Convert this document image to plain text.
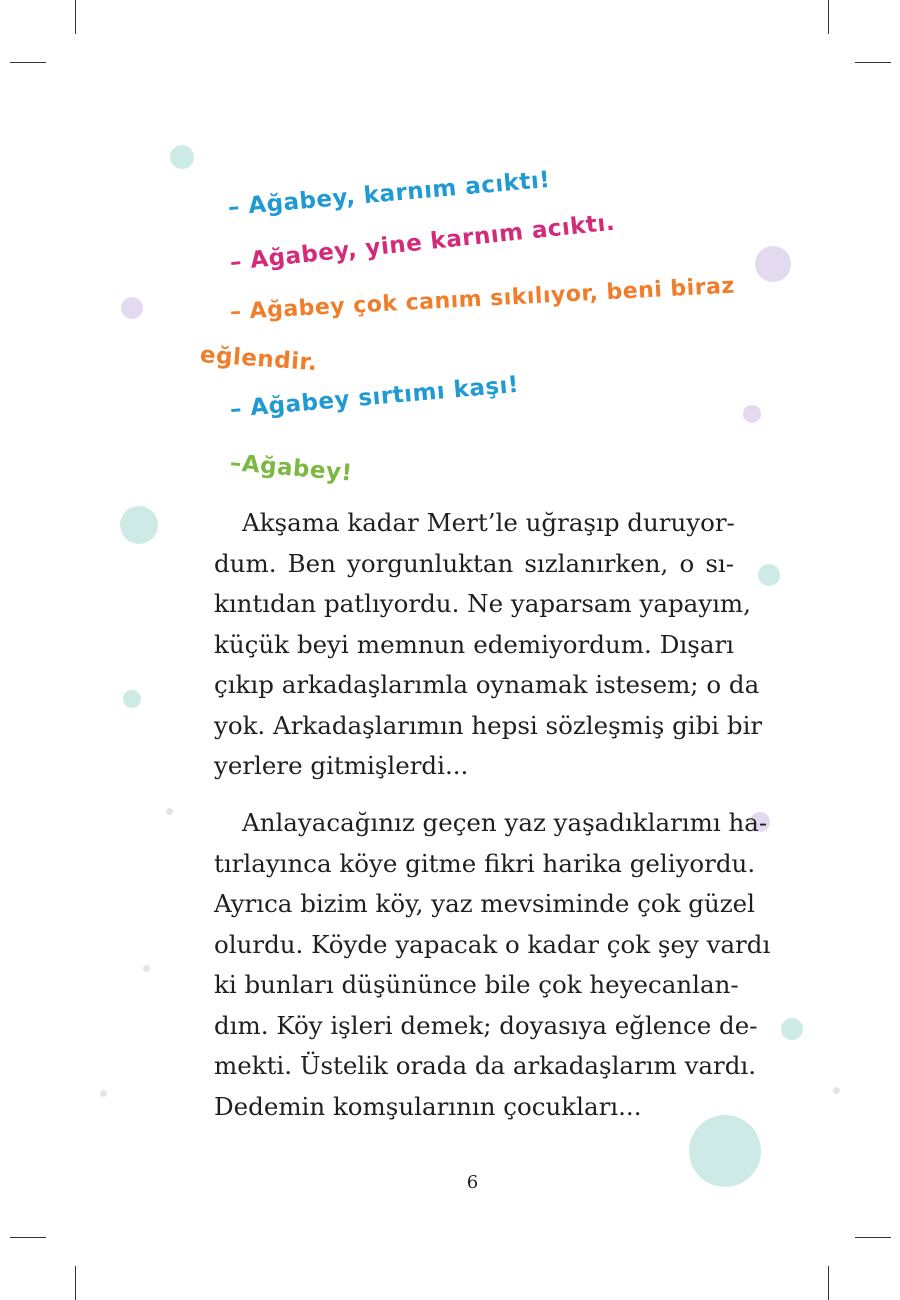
– Ağabey, karnım acıktı!
– Ağabey, yine karnım acıktı.
– Ağabey çok canım sıkılıyor, beni biraz
eğlendir.
– Ağabey sırtımı kaşı!
–Ağabey!
Akşama kadar Mert’le uğraşıp duruyor-
dum. Ben yorgunluktan sızlanırken, o sı-
kıntıdan patlıyordu. Ne yaparsam yapayım,
küçük beyi memnun edemiyordum. Dışarı
çıkıp arkadaşlarımla oynamak istesem; o da
yok. Arkadaşlarımın hepsi sözleşmiş gibi bir
yerlere gitmişlerdi...
Anlayacağınız geçen yaz yaşadıklarımı ha-
tırlayınca köye gitme fikri harika geliyordu.
Ayrıca bizim köy, yaz mevsiminde çok güzel
olurdu. Köyde yapacak o kadar çok şey vardı
ki bunları düşününce bile çok heyecanlan-
dım. Köy işleri demek; doyasıya eğlence de-
mekti. Üstelik orada da arkadaşlarım vardı.
Dedemin komşularının çocukları...
6
